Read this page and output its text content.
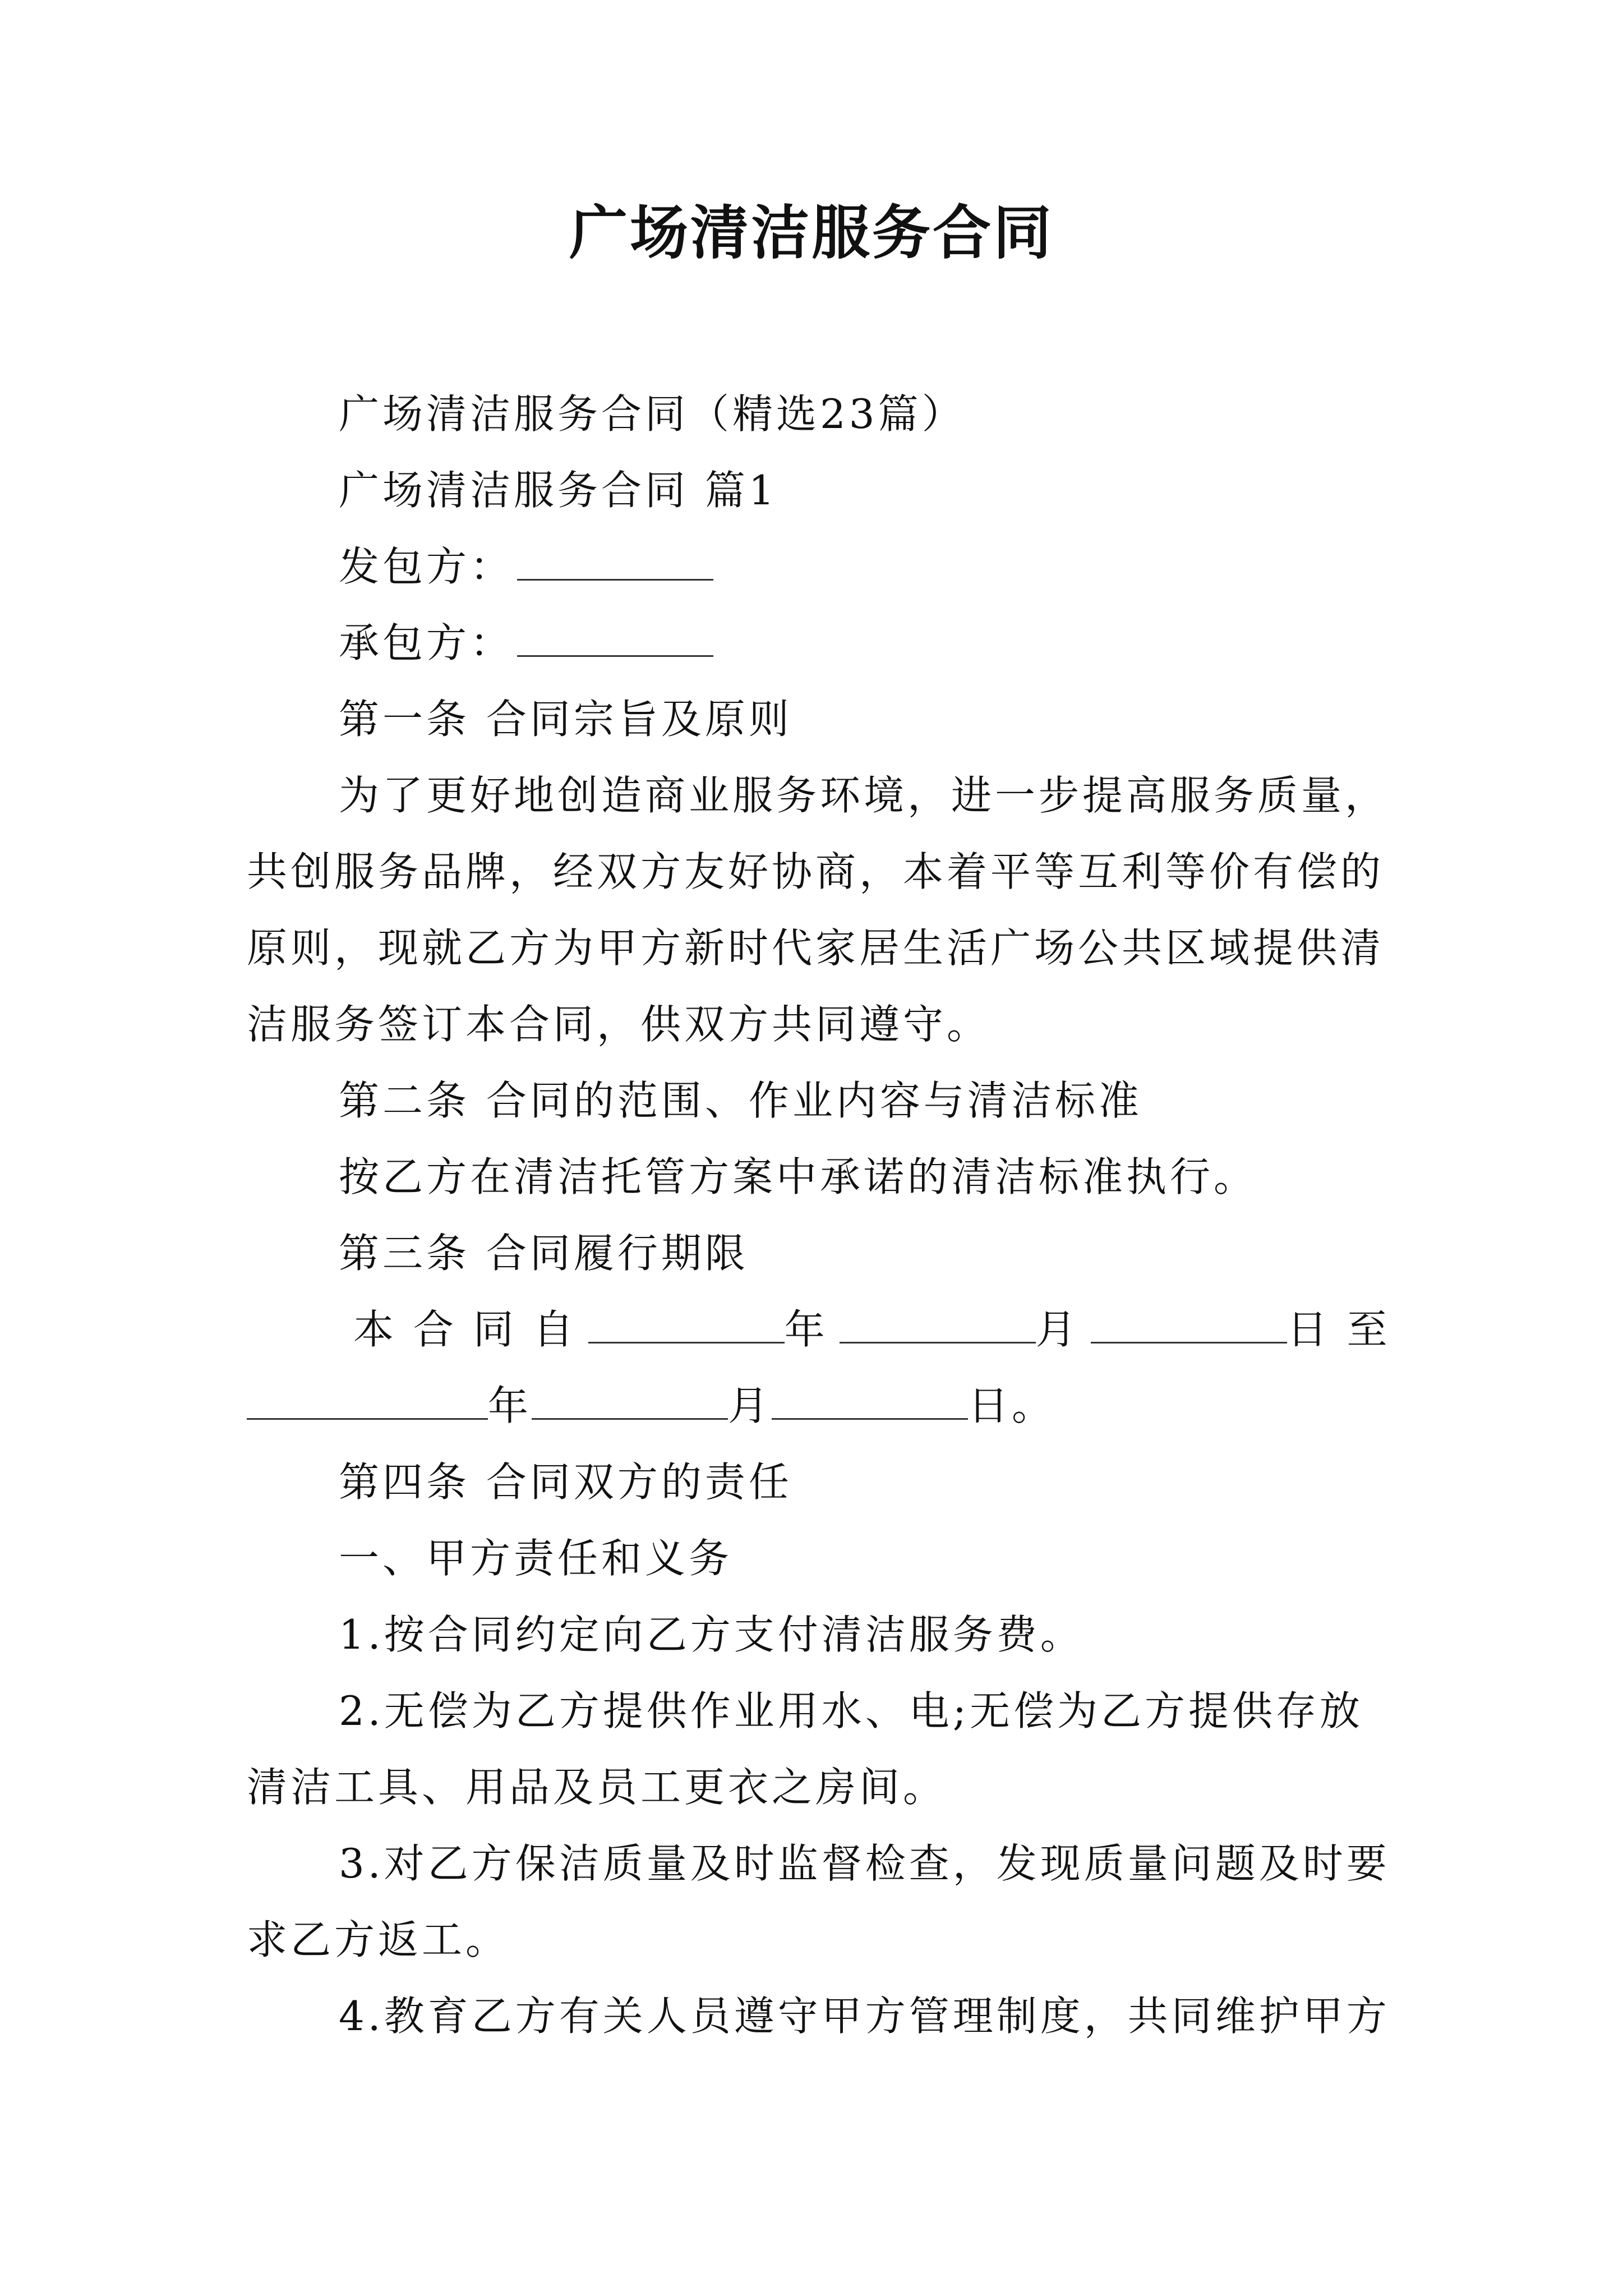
广场清洁服务合同

广场清洁服务合同（精选23篇）

广场清洁服务合同 篇1

发包方：

承包方：

第一条 合同宗旨及原则

为了更好地创造商业服务环境，进一步提高服务质量，

共创服务品牌，经双方友好协商，本着平等互利等价有偿的

原则，现就乙方为甲方新时代家居生活广场公共区域提供清

洁服务签订本合同，供双方共同遵守。

第二条 合同的范围、作业内容与清洁标准

按乙方在清洁托管方案中承诺的清洁标准执行。

第三条 合同履行期限

本 合 同 自	年	月	日 至
年	月	日。

第四条 合同双方的责任

一、甲方责任和义务

1.按合同约定向乙方支付清洁服务费。

2.无偿为乙方提供作业用水、电;无偿为乙方提供存放

清洁工具、用品及员工更衣之房间。

3.对乙方保洁质量及时监督检查，发现质量问题及时要

求乙方返工。

4.教育乙方有关人员遵守甲方管理制度，共同维护甲方
